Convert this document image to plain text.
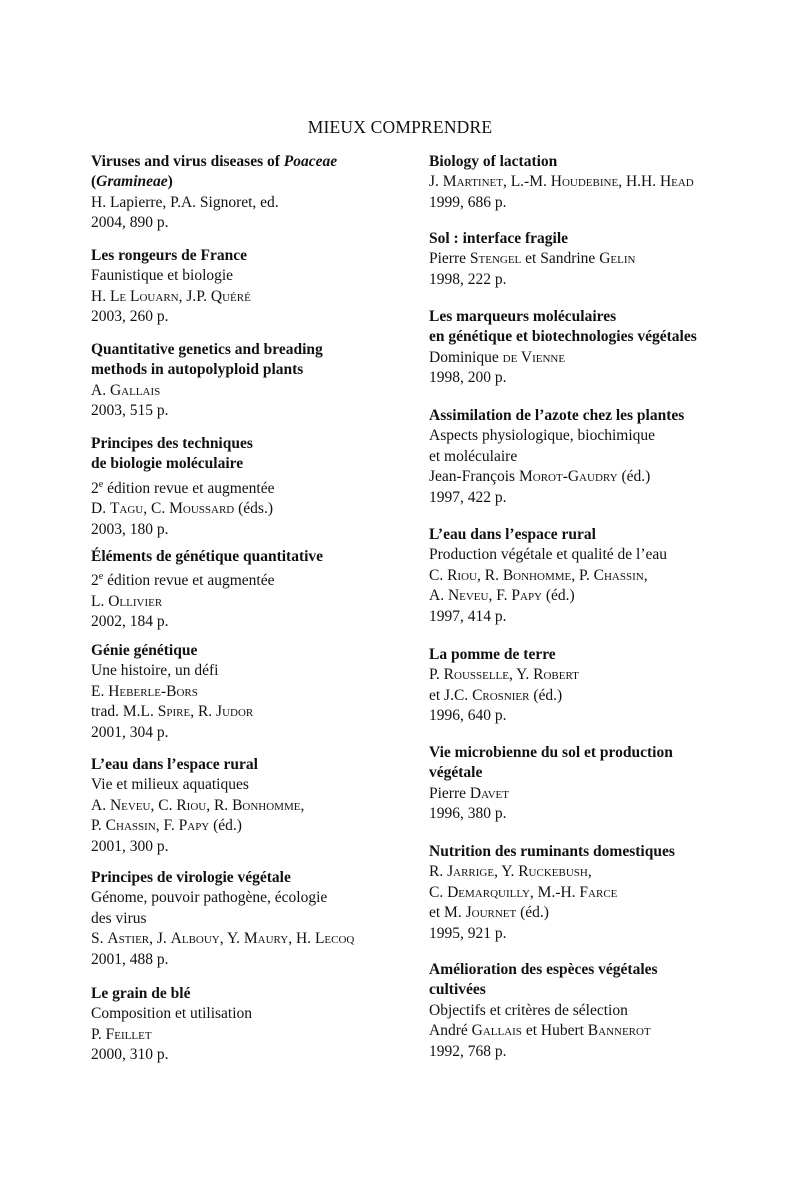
MIEUX COMPRENDRE
Viruses and virus diseases of Poaceae
(Gramineae)
H. Lapierre, P.A. Signoret, ed.
2004, 890 p.
Les rongeurs de France
Faunistique et biologie
H. Le Louarn, J.P. Quéré
2003, 260 p.
Quantitative genetics and breading
methods in autopolyploid plants
A. Gallais
2003, 515 p.
Principes des techniques
de biologie moléculaire
2e édition revue et augmentée
D. Tagu, C. Moussard (éds.)
2003, 180 p.
Éléments de génétique quantitative
2e édition revue et augmentée
L. Ollivier
2002, 184 p.
Génie génétique
Une histoire, un défi
E. Heberle-Bors
trad. M.L. Spire, R. Judor
2001, 304 p.
L’eau dans l’espace rural
Vie et milieux aquatiques
A. Neveu, C. Riou, R. Bonhomme,
P. Chassin, F. Papy (éd.)
2001, 300 p.
Principes de virologie végétale
Génome, pouvoir pathogène, écologie
des virus
S. Astier, J. Albouy, Y. Maury, H. Lecoq
2001, 488 p.
Le grain de blé
Composition et utilisation
P. Feillet
2000, 310 p.
Biology of lactation
J. Martinet, L.-M. Houdebine, H.H. Head
1999, 686 p.
Sol : interface fragile
Pierre Stengel et Sandrine Gelin
1998, 222 p.
Les marqueurs moléculaires
en génétique et biotechnologies végétales
Dominique de Vienne
1998, 200 p.
Assimilation de l’azote chez les plantes
Aspects physiologique, biochimique
et moléculaire
Jean-François Morot-Gaudry (éd.)
1997, 422 p.
L’eau dans l’espace rural
Production végétale et qualité de l’eau
C. Riou, R. Bonhomme, P. Chassin,
A. Neveu, F. Papy (éd.)
1997, 414 p.
La pomme de terre
P. Rousselle, Y. Robert
et J.C. Crosnier (éd.)
1996, 640 p.
Vie microbienne du sol et production
végétale
Pierre Davet
1996, 380 p.
Nutrition des ruminants domestiques
R. Jarrige, Y. Ruckebush,
C. Demarquilly, M.-H. Farce
et M. Journet (éd.)
1995, 921 p.
Amélioration des espèces végétales
cultivées
Objectifs et critères de sélection
André Gallais et Hubert Bannerot
1992, 768 p.
